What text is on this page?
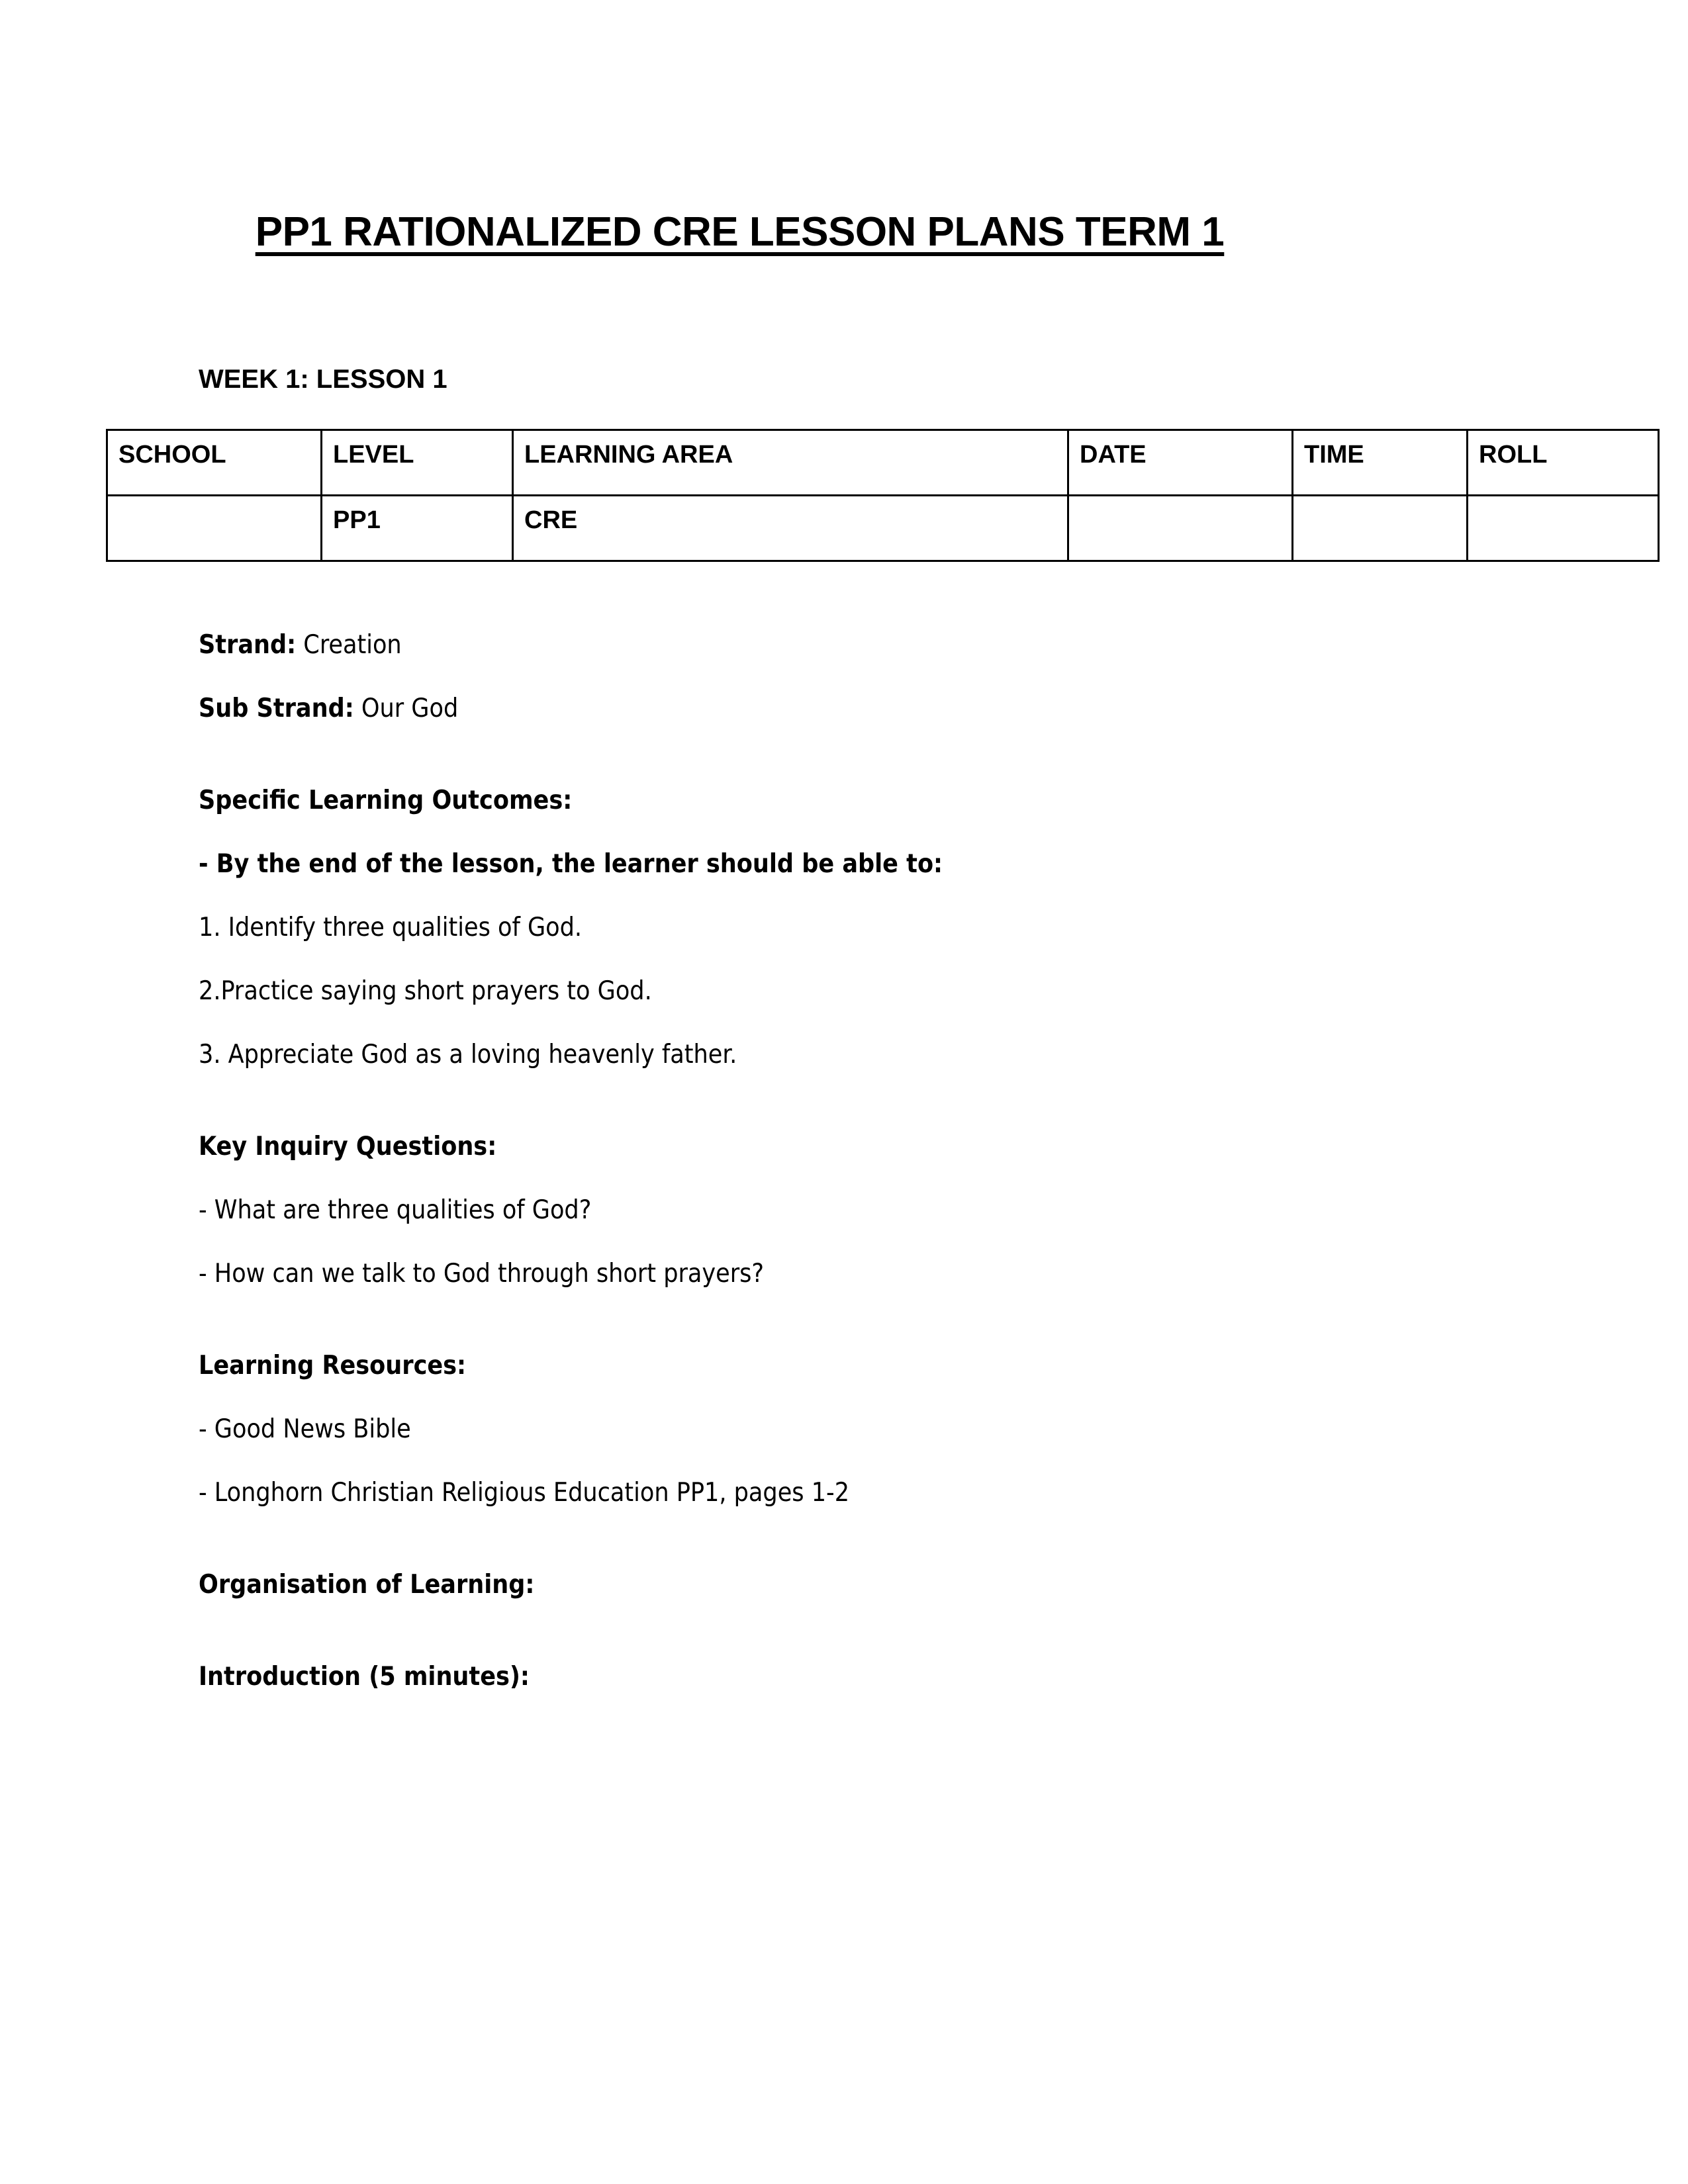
PP1 RATIONALIZED CRE LESSON PLANS TERM 1
WEEK 1: LESSON 1
SCHOOL	LEVEL	LEARNING AREA	DATE	TIME	ROLL
	PP1	CRE			

Strand: Creation

Sub Strand: Our God

Specific Learning Outcomes:

- By the end of the lesson, the learner should be able to:

1. Identify three qualities of God.

2.Practice saying short prayers to God.

3. Appreciate God as a loving heavenly father.

Key Inquiry Questions:

- What are three qualities of God?

- How can we talk to God through short prayers?

Learning Resources:

- Good News Bible

- Longhorn Christian Religious Education PP1, pages 1-2

Organisation of Learning:

Introduction (5 minutes):
